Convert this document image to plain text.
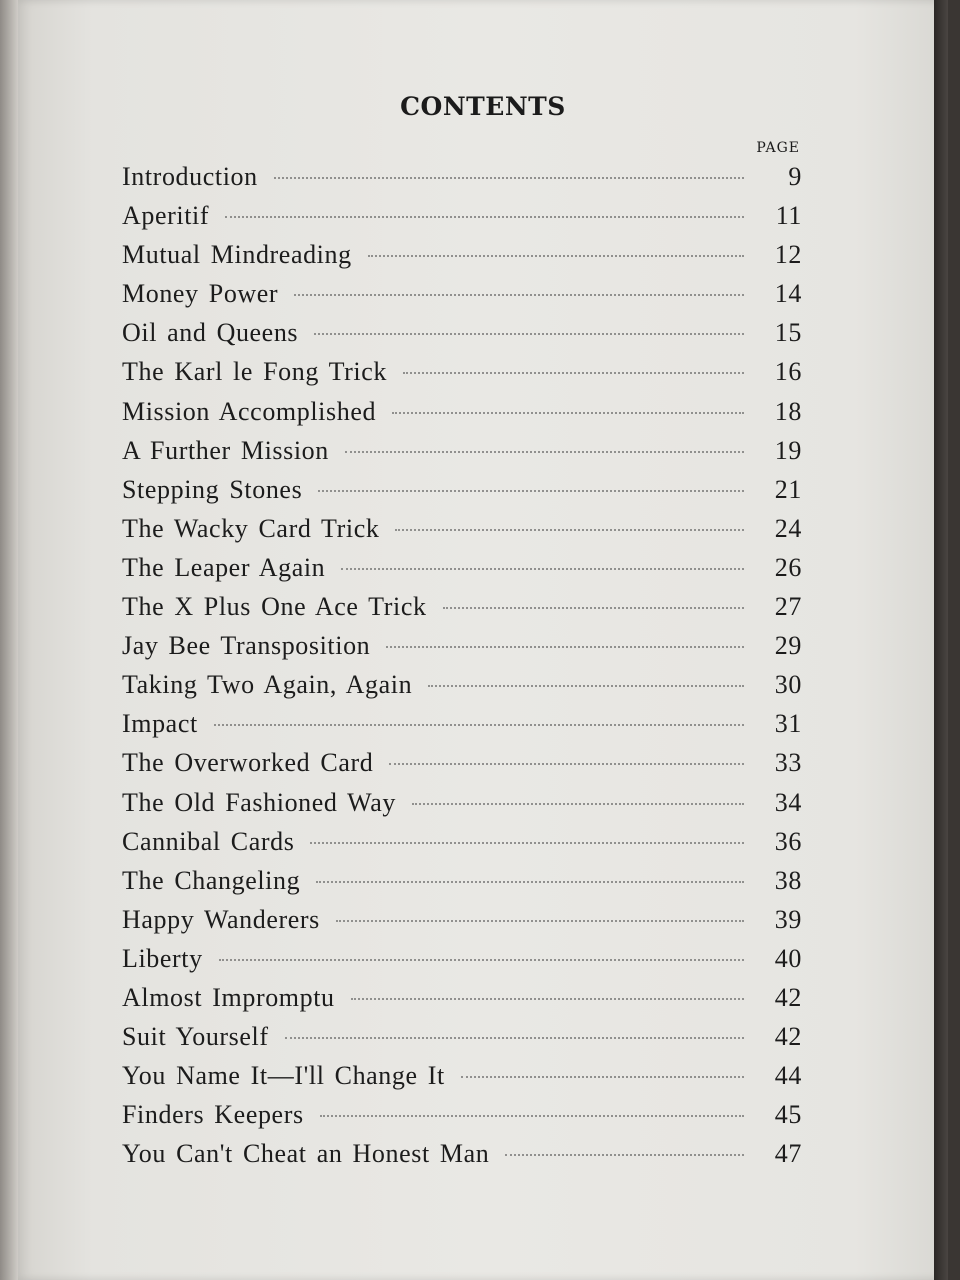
CONTENTS
PAGE
Introduction	9
Aperitif	11
Mutual Mindreading	12
Money Power	14
Oil and Queens	15
The Karl le Fong Trick	16
Mission Accomplished	18
A Further Mission	19
Stepping Stones	21
The Wacky Card Trick	24
The Leaper Again	26
The X Plus One Ace Trick	27
Jay Bee Transposition	29
Taking Two Again, Again	30
Impact	31
The Overworked Card	33
The Old Fashioned Way	34
Cannibal Cards	36
The Changeling	38
Happy Wanderers	39
Liberty	40
Almost Impromptu	42
Suit Yourself	42
You Name It—I'll Change It	44
Finders Keepers	45
You Can't Cheat an Honest Man	47
